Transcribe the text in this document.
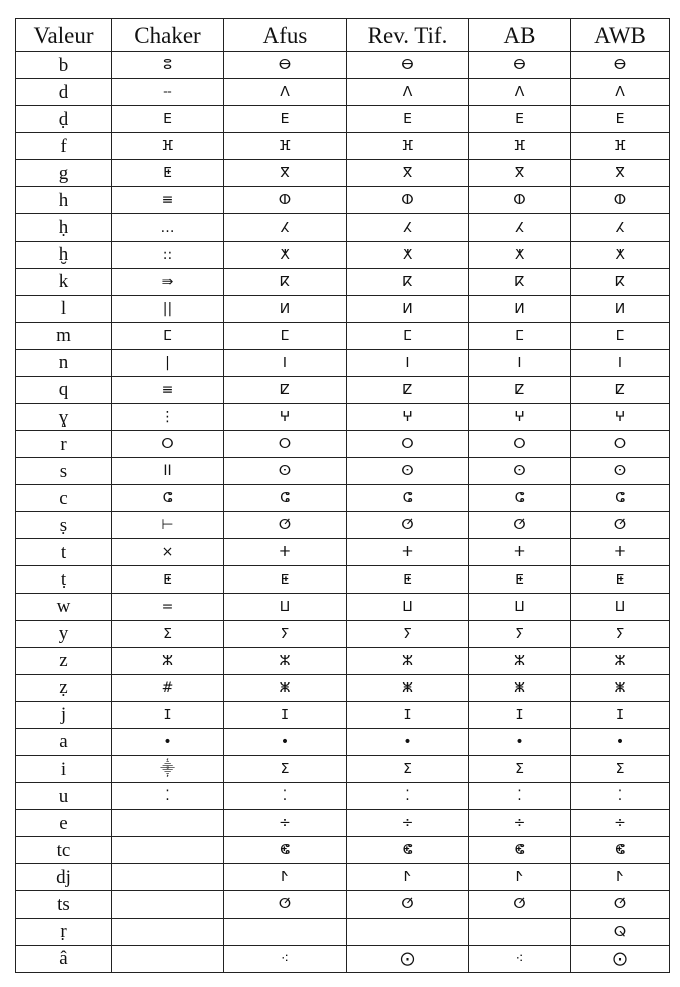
Valeur	Chaker	Afus	Rev. Tif.	AB	AWB
b	ⵓ	ⴱ	ⴱ	ⴱ	ⴱ
d	ⵧ	ⴷ	ⴷ	ⴷ	ⴷ
ḍ	ⴹ	ⴹ	ⴹ	ⴹ	ⴹ
f	ⴼ	ⴼ	ⴼ	ⴼ	ⴼ
g	ⵟ	ⴳ	ⴳ	ⴳ	ⴳ
h	≡	ⵀ	ⵀ	ⵀ	ⵀ
ḥ	…	ⵃ	ⵃ	ⵃ	ⵃ
ḫ	::	ⵅ	ⵅ	ⵅ	ⵅ
k	⇛	ⴽ	ⴽ	ⴽ	ⴽ
l	||	ⵍ	ⵍ	ⵍ	ⵍ
m	ⵎ	ⵎ	ⵎ	ⵎ	ⵎ
n	|	ⵏ	ⵏ	ⵏ	ⵏ
q	≡	ⵇ	ⵇ	ⵇ	ⵇ
ɣ	⋮	ⵖ	ⵖ	ⵖ	ⵖ
r	ⵔ	ⵔ	ⵔ	ⵔ	ⵔ
s	II	ⵙ	ⵙ	ⵙ	ⵙ
c	ⵛ	ⵛ	ⵛ	ⵛ	ⵛ
ṣ	⊢	ⵚ	ⵚ	ⵚ	ⵚ
t	×	ⵜ	ⵜ	ⵜ	ⵜ
ṭ	ⵟ	ⵟ	ⵟ	ⵟ	ⵟ
w	=	ⵡ	ⵡ	ⵡ	ⵡ
y	ⵉ	ⵢ	ⵢ	ⵢ	ⵢ
z	ⵣ	ⵣ	ⵣ	ⵣ	ⵣ
ẓ	#	ⵥ	ⵥ	ⵥ	ⵥ
j	ⵊ	ⵊ	ⵊ	ⵊ	ⵊ
a	•	•	•	•	•
i	⸎	ⵉ	ⵉ	ⵉ	ⵉ
u	⁚	⁚	⁚	⁚	⁚
e		÷	÷	÷	÷
tc		ⵞ	ⵞ	ⵞ	ⵞ
dj		ⵤ	ⵤ	ⵤ	ⵤ
ts		ⵚ	ⵚ	ⵚ	ⵚ
ṛ					ⵕ
â		⁖	⨀	⁖	⨀
